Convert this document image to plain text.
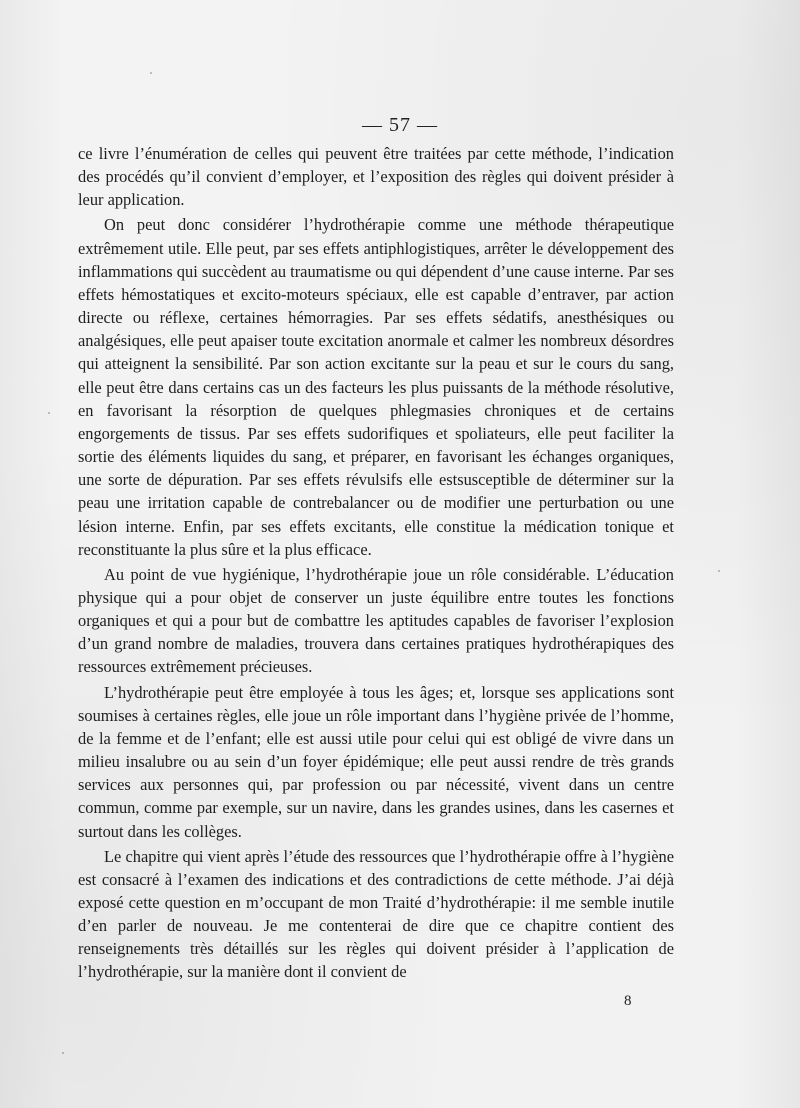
— 57 —

ce livre l’énumération de celles qui peuvent être traitées par cette méthode, l’indication des procédés qu’il convient d’employer, et l’exposition des règles qui doivent présider à leur application.

On peut donc considérer l’hydrothérapie comme une méthode thérapeutique extrêmement utile. Elle peut, par ses effets antiphlogistiques, arrêter le développement des inflammations qui succèdent au traumatisme ou qui dépendent d’une cause interne. Par ses effets hémostatiques et excito-moteurs spéciaux, elle est capable d’entraver, par action directe ou réflexe, certaines hémorragies. Par ses effets sédatifs, anesthésiques ou analgésiques, elle peut apaiser toute excitation anormale et calmer les nombreux désordres qui atteignent la sensibilité. Par son action excitante sur la peau et sur le cours du sang, elle peut être dans certains cas un des facteurs les plus puissants de la méthode résolutive, en favorisant la résorption de quelques phlegmasies chroniques et de certains engorgements de tissus. Par ses effets sudorifiques et spoliateurs, elle peut faciliter la sortie des éléments liquides du sang, et préparer, en favorisant les échanges organiques, une sorte de dépuration. Par ses effets révulsifs elle estsusceptible de déterminer sur la peau une irritation capable de contrebalancer ou de modifier une perturbation ou une lésion interne. Enfin, par ses effets excitants, elle constitue la médication tonique et reconstituante la plus sûre et la plus efficace.

Au point de vue hygiénique, l’hydrothérapie joue un rôle considérable. L’éducation physique qui a pour objet de conserver un juste équilibre entre toutes les fonctions organiques et qui a pour but de combattre les aptitudes capables de favoriser l’explosion d’un grand nombre de maladies, trouvera dans certaines pratiques hydrothérapiques des ressources extrêmement précieuses.

L’hydrothérapie peut être employée à tous les âges; et, lorsque ses applications sont soumises à certaines règles, elle joue un rôle important dans l’hygiène privée de l’homme, de la femme et de l’enfant; elle est aussi utile pour celui qui est obligé de vivre dans un milieu insalubre ou au sein d’un foyer épidémique; elle peut aussi rendre de très grands services aux personnes qui, par profession ou par nécessité, vivent dans un centre commun, comme par exemple, sur un navire, dans les grandes usines, dans les casernes et surtout dans les collèges.

Le chapitre qui vient après l’étude des ressources que l’hydrothérapie offre à l’hygiène est consacré à l’examen des indications et des contradictions de cette méthode. J’ai déjà exposé cette question en m’occupant de mon Traité d’hydrothérapie: il me semble inutile d’en parler de nouveau. Je me contenterai de dire que ce chapitre contient des renseignements très détaillés sur les règles qui doivent présider à l’application de l’hydrothérapie, sur la manière dont il convient de

8
